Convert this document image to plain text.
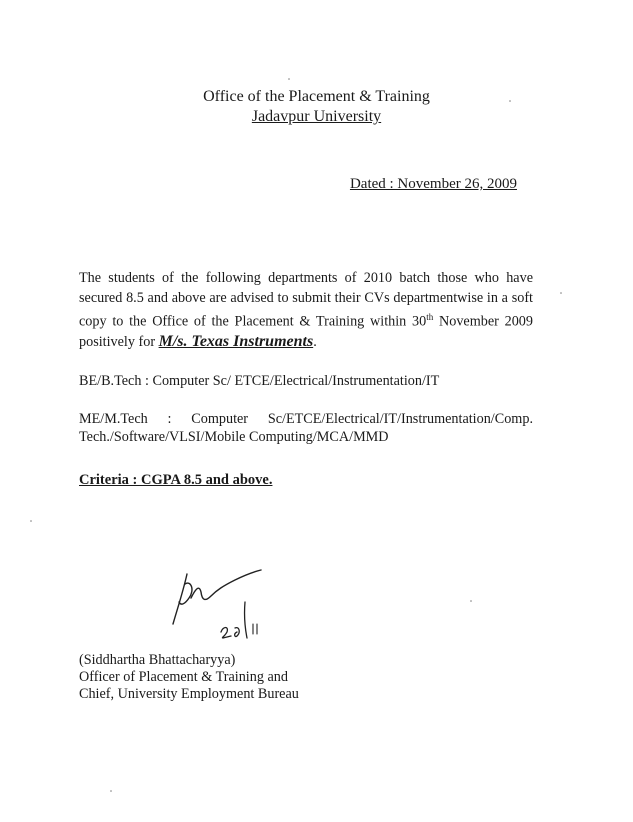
Office of the Placement & Training
Jadavpur University
Dated : November 26, 2009
The students of the following departments of 2010 batch those who have secured 8.5 and above are advised to submit their CVs departmentwise in a soft copy to the Office of the Placement & Training within 30th November 2009 positively for M/s. Texas Instruments.
BE/B.Tech : Computer Sc/ ETCE/Electrical/Instrumentation/IT
ME/M.Tech : Computer Sc/ETCE/Electrical/IT/Instrumentation/Comp. Tech./Software/VLSI/Mobile Computing/MCA/MMD
Criteria : CGPA 8.5 and above.
(Siddhartha Bhattacharyya)
Officer of Placement & Training and
Chief, University Employment Bureau
